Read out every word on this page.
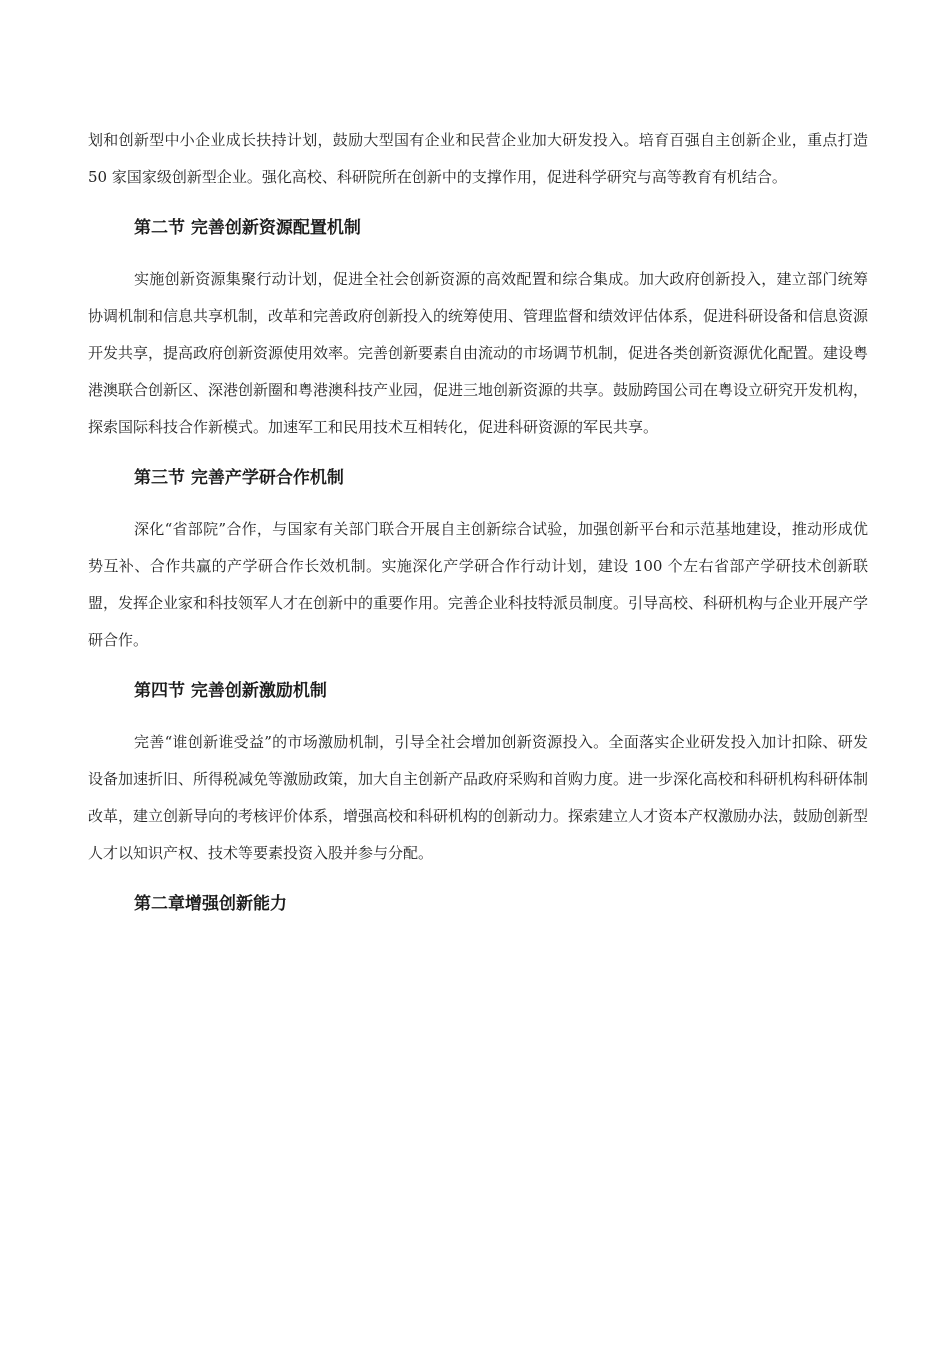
划和创新型中小企业成长扶持计划，鼓励大型国有企业和民营企业加大研发投入。培育百强自主创新企业，重点打造 50 家国家级创新型企业。强化高校、科研院所在创新中的支撑作用，促进科学研究与高等教育有机结合。

第二节 完善创新资源配置机制

实施创新资源集聚行动计划，促进全社会创新资源的高效配置和综合集成。加大政府创新投入，建立部门统筹协调机制和信息共享机制，改革和完善政府创新投入的统筹使用、管理监督和绩效评估体系，促进科研设备和信息资源开发共享，提高政府创新资源使用效率。完善创新要素自由流动的市场调节机制，促进各类创新资源优化配置。建设粤港澳联合创新区、深港创新圈和粤港澳科技产业园，促进三地创新资源的共享。鼓励跨国公司在粤设立研究开发机构，探索国际科技合作新模式。加速军工和民用技术互相转化，促进科研资源的军民共享。

第三节 完善产学研合作机制

深化“省部院”合作，与国家有关部门联合开展自主创新综合试验，加强创新平台和示范基地建设，推动形成优势互补、合作共赢的产学研合作长效机制。实施深化产学研合作行动计划，建设 100 个左右省部产学研技术创新联盟，发挥企业家和科技领军人才在创新中的重要作用。完善企业科技特派员制度。引导高校、科研机构与企业开展产学研合作。

第四节 完善创新激励机制

完善“谁创新谁受益”的市场激励机制，引导全社会增加创新资源投入。全面落实企业研发投入加计扣除、研发设备加速折旧、所得税减免等激励政策，加大自主创新产品政府采购和首购力度。进一步深化高校和科研机构科研体制改革，建立创新导向的考核评价体系，增强高校和科研机构的创新动力。探索建立人才资本产权激励办法，鼓励创新型人才以知识产权、技术等要素投资入股并参与分配。

第二章增强创新能力
